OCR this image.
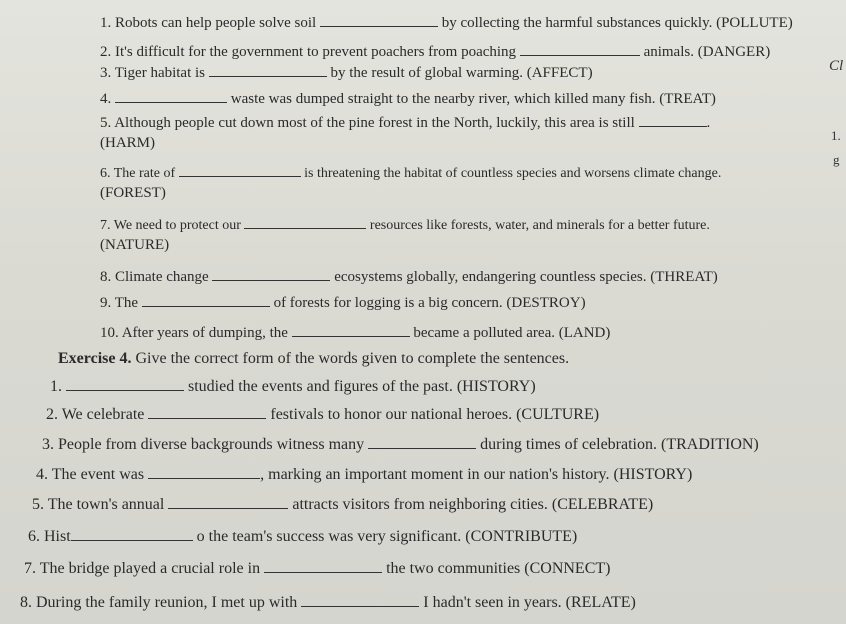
1. Robots can help people solve soil	by collecting the harmful substances quickly. (POLLUTE)
2. It's difficult for the government to prevent poachers from poaching	animals. (DANGER)
3. Tiger habitat is	by the result of global warming. (AFFECT)
4.	waste was dumped straight to the nearby river, which killed many fish. (TREAT)
5. Although people cut down most of the pine forest in the North, luckily, this area is still	.
(HARM)
6. The rate of	is threatening the habitat of countless species and worsens climate change.
(FOREST)
7. We need to protect our	resources like forests, water, and minerals for a better future.
(NATURE)
8. Climate change	ecosystems globally, endangering countless species. (THREAT)
9. The	of forests for logging is a big concern. (DESTROY)
10. After years of dumping, the	became a polluted area. (LAND)
Exercise 4. Give the correct form of the words given to complete the sentences.
1.	studied the events and figures of the past. (HISTORY)
2. We celebrate	festivals to honor our national heroes. (CULTURE)
3. People from diverse backgrounds witness many	during times of celebration. (TRADITION)
4. The event was	, marking an important moment in our nation's history. (HISTORY)
5. The town's annual	attracts visitors from neighboring cities. (CELEBRATE)
6. Hist	o the team's success was very significant. (CONTRIBUTE)
7. The bridge played a crucial role in	the two communities (CONNECT)
8. During the family reunion, I met up with	I hadn't seen in years. (RELATE)
Cl
1.
g
